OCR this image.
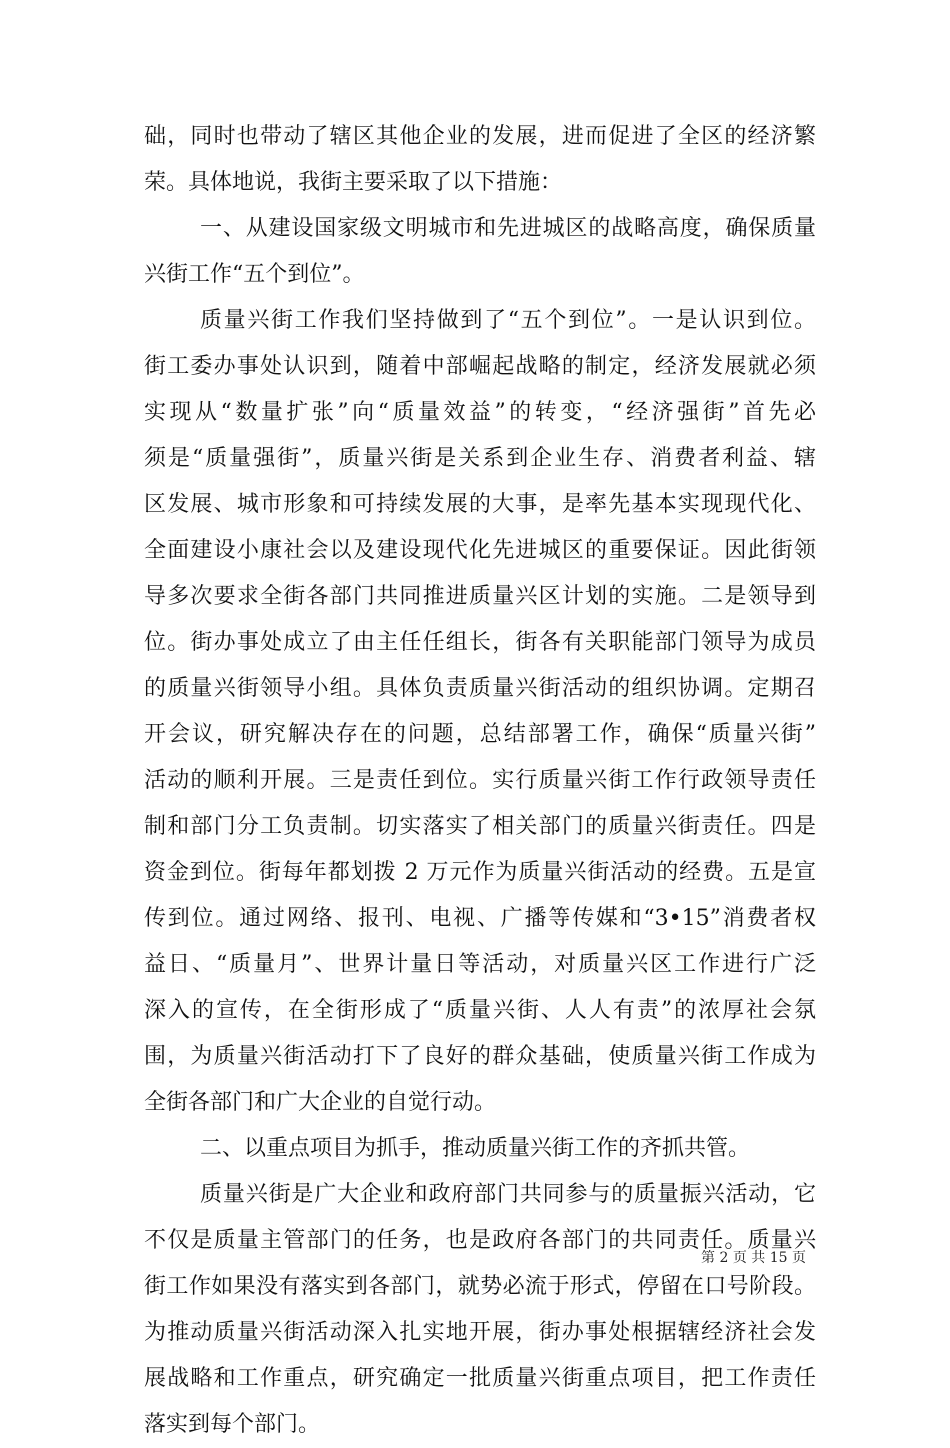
础，同时也带动了辖区其他企业的发展，进而促进了全区的经济繁
荣。具体地说，我街主要采取了以下措施：
一、从建设国家级文明城市和先进城区的战略高度，确保质量
兴街工作“五个到位”。
质量兴街工作我们坚持做到了“五个到位”。一是认识到位。
街工委办事处认识到，随着中部崛起战略的制定，经济发展就必须
实现从“数量扩张”向“质量效益”的转变，“经济强街”首先必
须是“质量强街”，质量兴街是关系到企业生存、消费者利益、辖
区发展、城市形象和可持续发展的大事，是率先基本实现现代化、
全面建设小康社会以及建设现代化先进城区的重要保证。因此街领
导多次要求全街各部门共同推进质量兴区计划的实施。二是领导到
位。街办事处成立了由主任任组长，街各有关职能部门领导为成员
的质量兴街领导小组。具体负责质量兴街活动的组织协调。定期召
开会议，研究解决存在的问题，总结部署工作，确保“质量兴街”
活动的顺利开展。三是责任到位。实行质量兴街工作行政领导责任
制和部门分工负责制。切实落实了相关部门的质量兴街责任。四是
资金到位。街每年都划拨 2 万元作为质量兴街活动的经费。五是宣
传到位。通过网络、报刊、电视、广播等传媒和“3•15”消费者权
益日、“质量月”、世界计量日等活动，对质量兴区工作进行广泛
深入的宣传，在全街形成了“质量兴街、人人有责”的浓厚社会氛
围，为质量兴街活动打下了良好的群众基础，使质量兴街工作成为
全街各部门和广大企业的自觉行动。
二、以重点项目为抓手，推动质量兴街工作的齐抓共管。
质量兴街是广大企业和政府部门共同参与的质量振兴活动，它
不仅是质量主管部门的任务，也是政府各部门的共同责任。质量兴
街工作如果没有落实到各部门，就势必流于形式，停留在口号阶段。
为推动质量兴街活动深入扎实地开展，街办事处根据辖经济社会发
展战略和工作重点，研究确定一批质量兴街重点项目，把工作责任
落实到每个部门。
第 2 页 共 15 页
